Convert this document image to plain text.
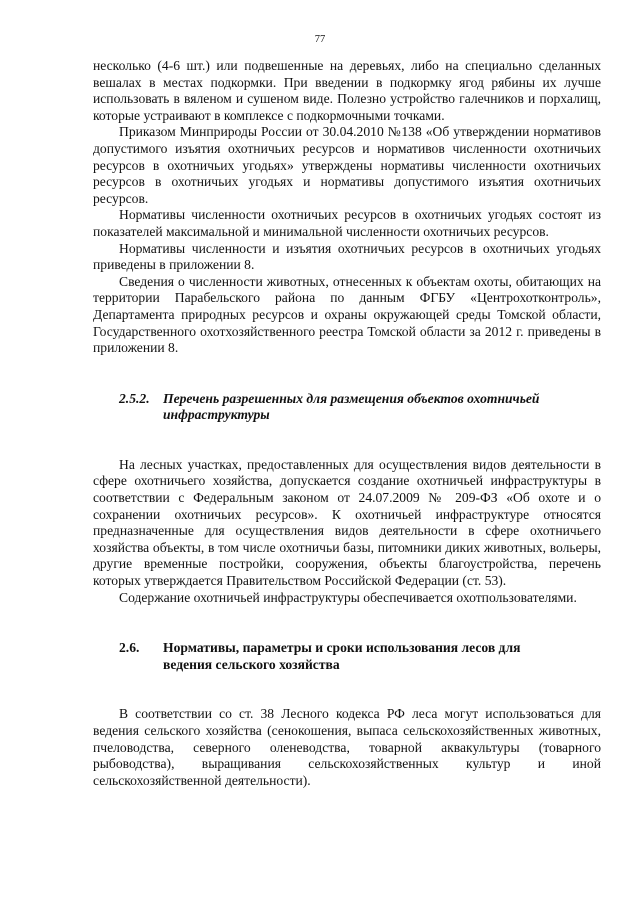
77

несколько (4-6 шт.) или подвешенные на деревьях, либо на специально сделанных вешалах в местах подкормки. При введении в подкормку ягод рябины их лучше использовать в вяленом и сушеном виде. Полезно устройство галечников и порхалищ, которые устраивают в комплексе с подкормочными точками.

Приказом Минприроды России от 30.04.2010 №138 «Об утверждении нормативов допустимого изъятия охотничьих ресурсов и нормативов численности охотничьих ресурсов в охотничьих угодьях» утверждены нормативы численности охотничьих ресурсов в охотничьих угодьях и нормативы допустимого изъятия охотничьих ресурсов.

Нормативы численности охотничьих ресурсов в охотничьих угодьях состоят из показателей максимальной и минимальной численности охотничьих ресурсов.

Нормативы численности и изъятия охотничьих ресурсов в охотничьих угодьях приведены в приложении 8.

Сведения о численности животных, отнесенных к объектам охоты, обитающих на территории Парабельского района по данным ФГБУ «Центрохотконтроль», Департамента природных ресурсов и охраны окружающей среды Томской области, Государственного охотхозяйственного реестра Томской области за 2012 г. приведены в приложении 8.

2.5.2. Перечень разрешенных для размещения объектов охотничьей
инфраструктуры

На лесных участках, предоставленных для осуществления видов деятельности в сфере охотничьего хозяйства, допускается создание охотничьей инфраструктуры в соответствии с Федеральным законом от 24.07.2009 № 209-ФЗ «Об охоте и о сохранении охотничьих ресурсов». К охотничьей инфраструктуре относятся предназначенные для осуществления видов деятельности в сфере охотничьего хозяйства объекты, в том числе охотничьи базы, питомники диких животных, вольеры, другие временные постройки, сооружения, объекты благоустройства, перечень которых утверждается Правительством Российской Федерации (ст. 53).

Содержание охотничьей инфраструктуры обеспечивается охотпользователями.

2.6. Нормативы, параметры и сроки использования лесов для
ведения сельского хозяйства

В соответствии со ст. 38 Лесного кодекса РФ леса могут использоваться для ведения сельского хозяйства (сенокошения, выпаса сельскохозяйственных животных, пчеловодства, северного оленеводства, товарной аквакультуры (товарного рыбоводства), выращивания сельскохозяйственных культур и иной сельскохозяйственной деятельности).
